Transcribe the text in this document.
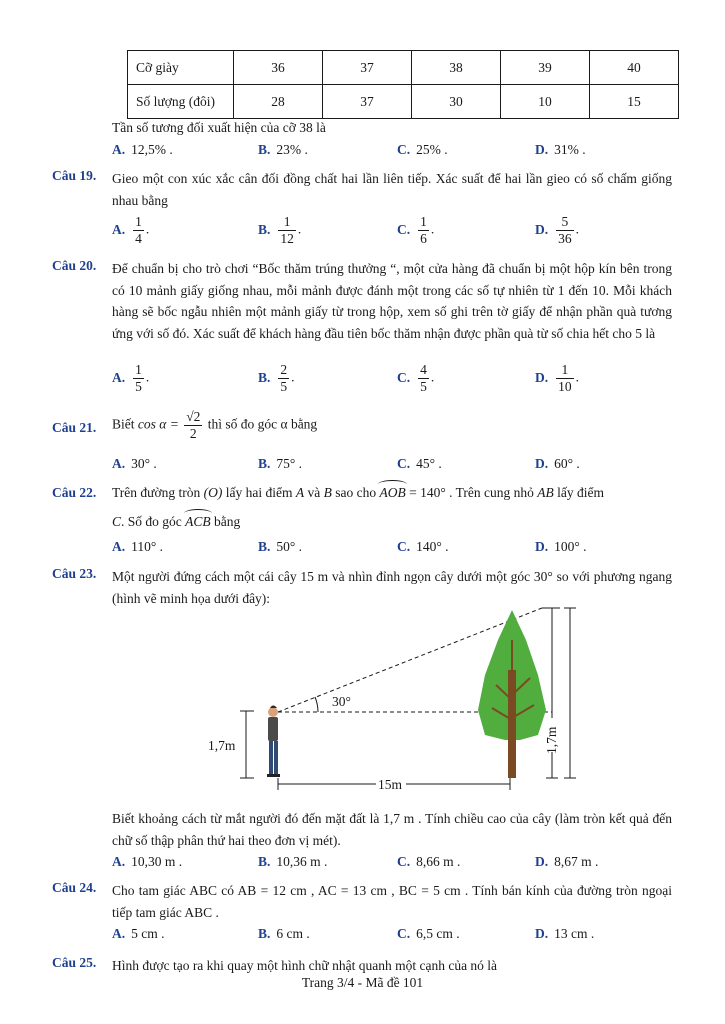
Cỡ giày	36	37	38	39	40
Số lượng (đôi)	28	37	30	10	15
Tần số tương đối xuất hiện của cỡ 38 là
A. 12,5% .	B. 23% .	C. 25% .	D. 31% .
Câu 19. Gieo một con xúc xắc cân đối đồng chất hai lần liên tiếp. Xác suất để hai lần gieo có số chấm giống nhau bằng
A. $\frac{1}{4}$ .	B. $\frac{1}{12}$ .	C. $\frac{1}{6}$ .	D. $\frac{5}{36}$ .
Câu 20. Để chuẩn bị cho trò chơi “Bốc thăm trúng thưởng “, một cửa hàng đã chuẩn bị một hộp kín bên trong có 10 mảnh giấy giống nhau, mỗi mảnh được đánh một trong các số tự nhiên từ 1 đến 10. Mỗi khách hàng sẽ bốc ngẫu nhiên một mảnh giấy từ trong hộp, xem số ghi trên tờ giấy để nhận phần quà tương ứng với số đó. Xác suất để khách hàng đầu tiên bốc thăm nhận được phần quà từ số chia hết cho 5 là
A. $\frac{1}{5}$ .	B. $\frac{2}{5}$ .	C. $\frac{4}{5}$ .	D. $\frac{1}{10}$ .
Câu 21. Biết $\cos \alpha = \frac{√2}{2}$ thì số đo góc α bằng
A. 30° .	B. 75° .	C. 45° .	D. 60° .
Câu 22. Trên đường tròn (O) lấy hai điểm A và B sao cho AOB = 140° . Trên cung nhỏ AB lấy điểm
C. Số đo góc ACB bằng
A. 110° .	B. 50° .	C. 140° .	D. 100° .
Câu 23. Một người đứng cách một cái cây 15 m và nhìn đỉnh ngọn cây dưới một góc 30° so với phương ngang (hình vẽ minh họa dưới đây):
1,7m
30°
15m
1,7m
Biết khoảng cách từ mắt người đó đến mặt đất là 1,7 m . Tính chiều cao của cây (làm tròn kết quả đến chữ số thập phân thứ hai theo đơn vị mét).
A. 10,30 m .	B. 10,36 m .	C. 8,66 m .	D. 8,67 m .
Câu 24. Cho tam giác ABC có AB = 12 cm , AC = 13 cm , BC = 5 cm . Tính bán kính của đường tròn ngoại tiếp tam giác ABC .
A. 5 cm .	B. 6 cm .	C. 6,5 cm .	D. 13 cm .
Câu 25. Hình được tạo ra khi quay một hình chữ nhật quanh một cạnh của nó là
Trang 3/4 - Mã đề 101
